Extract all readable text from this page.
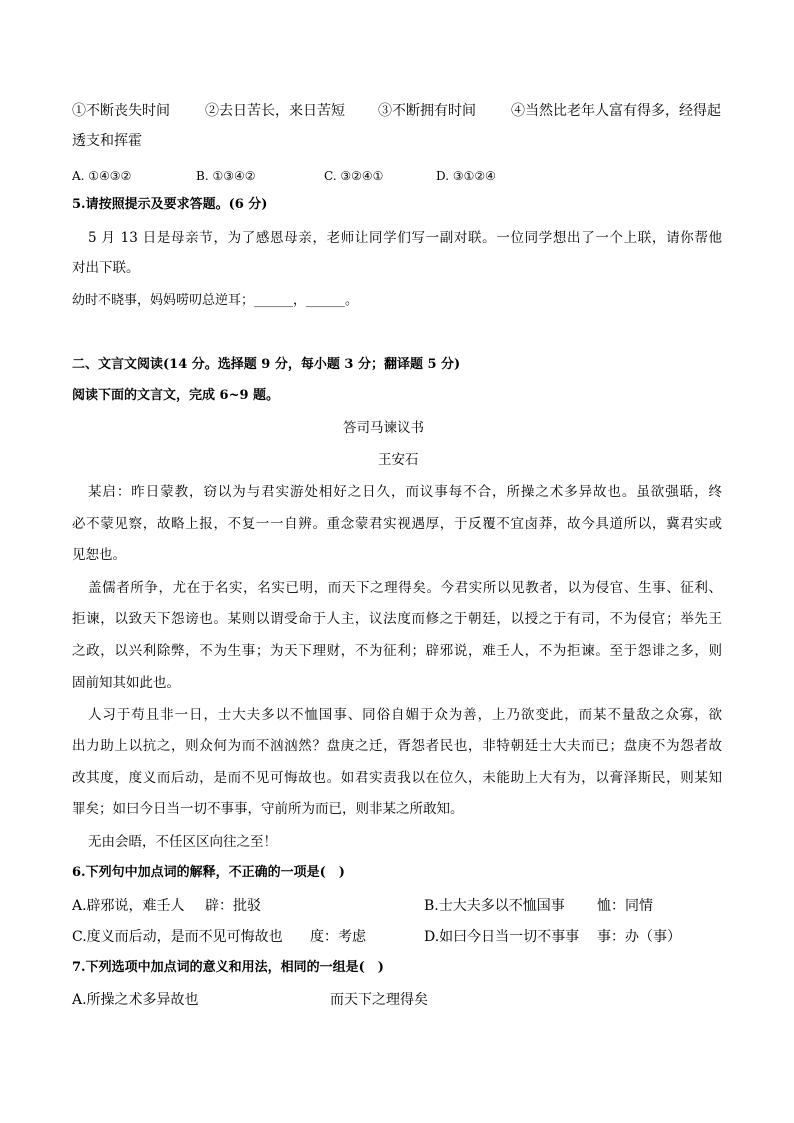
①不断丧失时间	②去日苦长，来日苦短 ③不断拥有时间	④当然比老年人富有得多，经得起
透支和挥霍
A. ①④③②	B. ①③④②	C. ③②④①	D. ③①②④
5.请按照提示及要求答题。(6 分)
5 月 13 日是母亲节，为了感恩母亲，老师让同学们写一副对联。一位同学想出了一个上联，请你帮他
对出下联。
幼时不晓事，妈妈唠叨总逆耳；______，______。
二、文言文阅读(14 分。选择题 9 分，每小题 3 分；翻译题 5 分)
阅读下面的文言文，完成 6~9 题。
答司马谏议书
王安石
某启：昨日蒙教，窃以为与君实游处相好之日久，而议事每不合，所操之术多异故也。虽欲强聒，终
必不蒙见察，故略上报，不复一一自辨。重念蒙君实视遇厚，于反覆不宜卤莽，故今具道所以，冀君实或
见恕也。
盖儒者所争，尤在于名实，名实已明，而天下之理得矣。今君实所以见教者，以为侵官、生事、征利、
拒谏，以致天下怨谤也。某则以谓受命于人主，议法度而修之于朝廷，以授之于有司，不为侵官；举先王
之政，以兴利除弊，不为生事；为天下理财，不为征利；辟邪说，难壬人，不为拒谏。至于怨诽之多，则
固前知其如此也。
人习于苟且非一日，士大夫多以不恤国事、同俗自媚于众为善，上乃欲变此，而某不量敌之众寡，欲
出力助上以抗之，则众何为而不汹汹然？盘庚之迁，胥怨者民也，非特朝廷士大夫而已；盘庚不为怨者故
改其度，度义而后动，是而不见可悔故也。如君实责我以在位久，未能助上大有为，以膏泽斯民，则某知
罪矣；如曰今日当一切不事事，守前所为而已，则非某之所敢知。
无由会晤，不任区区向往之至！
6.下列句中加点词的解释，不正确的一项是(　)
A.辟邪说，难壬人 辟：批驳	B.士大夫多以不恤国事 恤：同情
C.度义而后动，是而不见可悔故也 度：考虑	D.如曰今日当一切不事事 事：办（事）
7.下列选项中加点词的意义和用法，相同的一组是(　)
A.所操之术多异故也	而天下之理得矣
